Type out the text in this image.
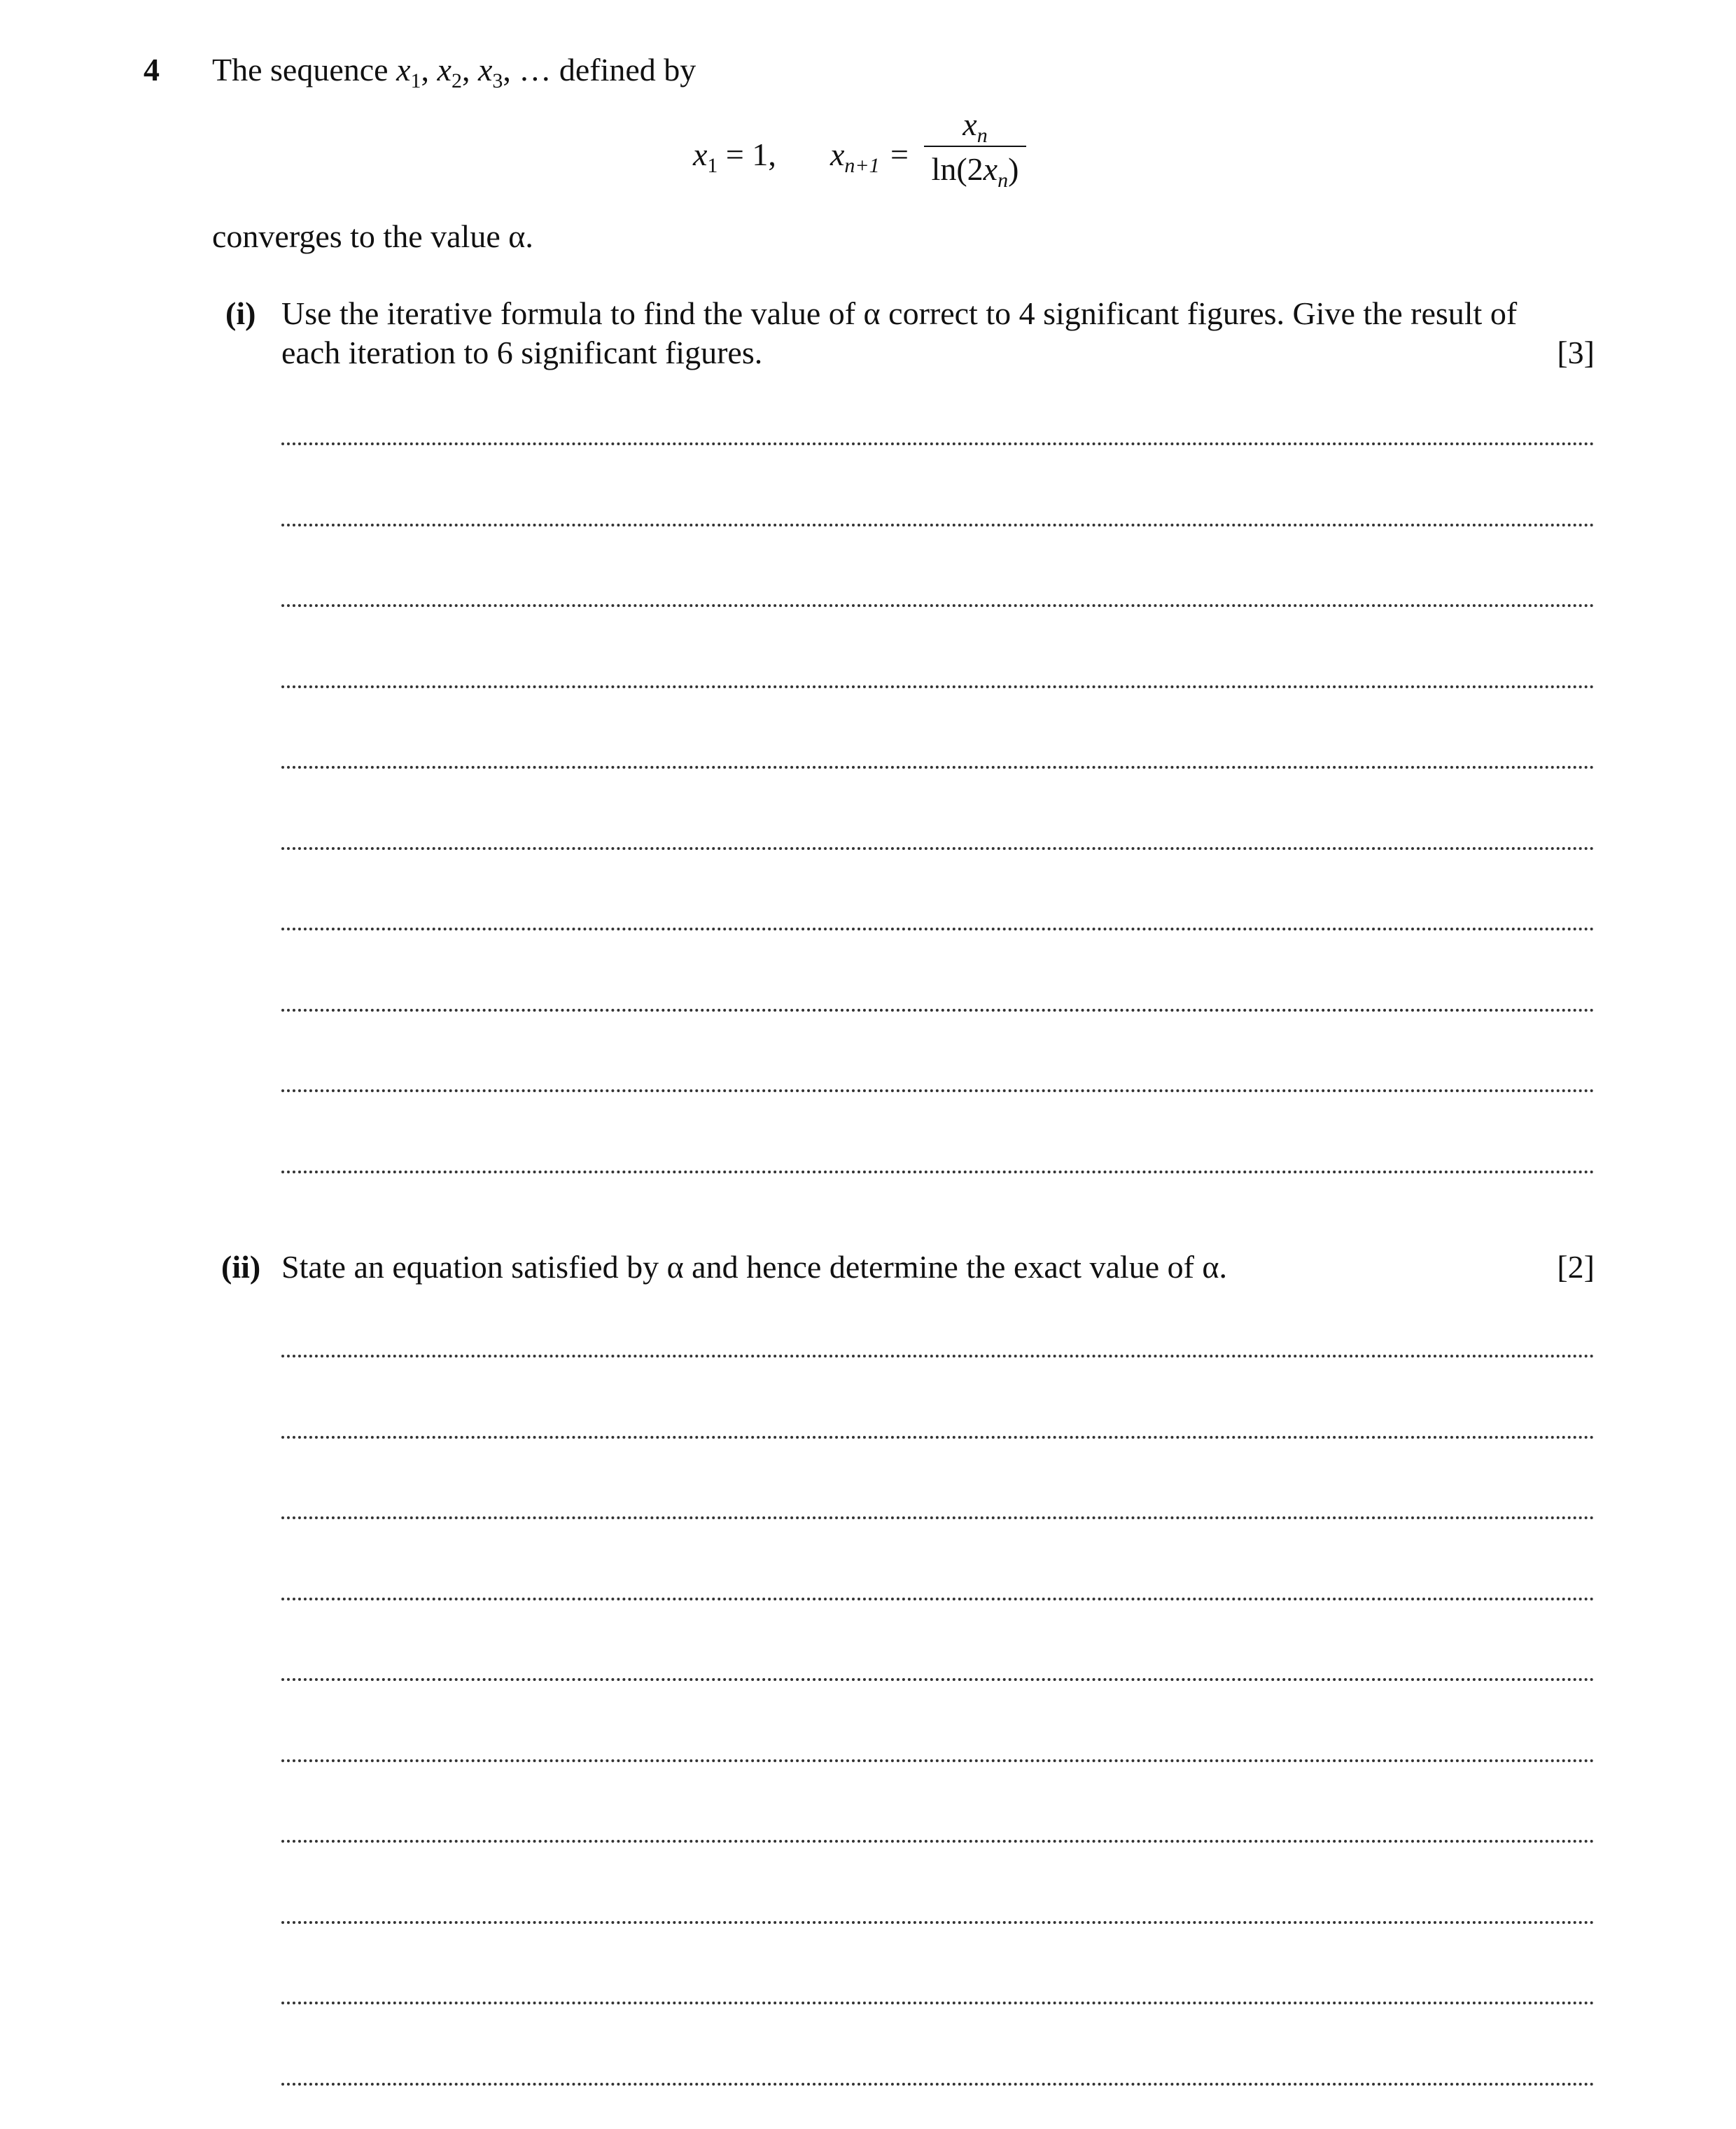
4 The sequence $x_1$, $x_2$, $x_3$, … defined by
$x_1 = 1$, $x_{n+1}$ =
$x_n$
$\ln(2x_n)$
converges to the value α.
(i) Use the iterative formula to find the value of α correct to 4 significant figures. Give the result of
each iteration to 6 significant figures.	[3]
(ii) State an equation satisfied by α and hence determine the exact value of α.	[2]
